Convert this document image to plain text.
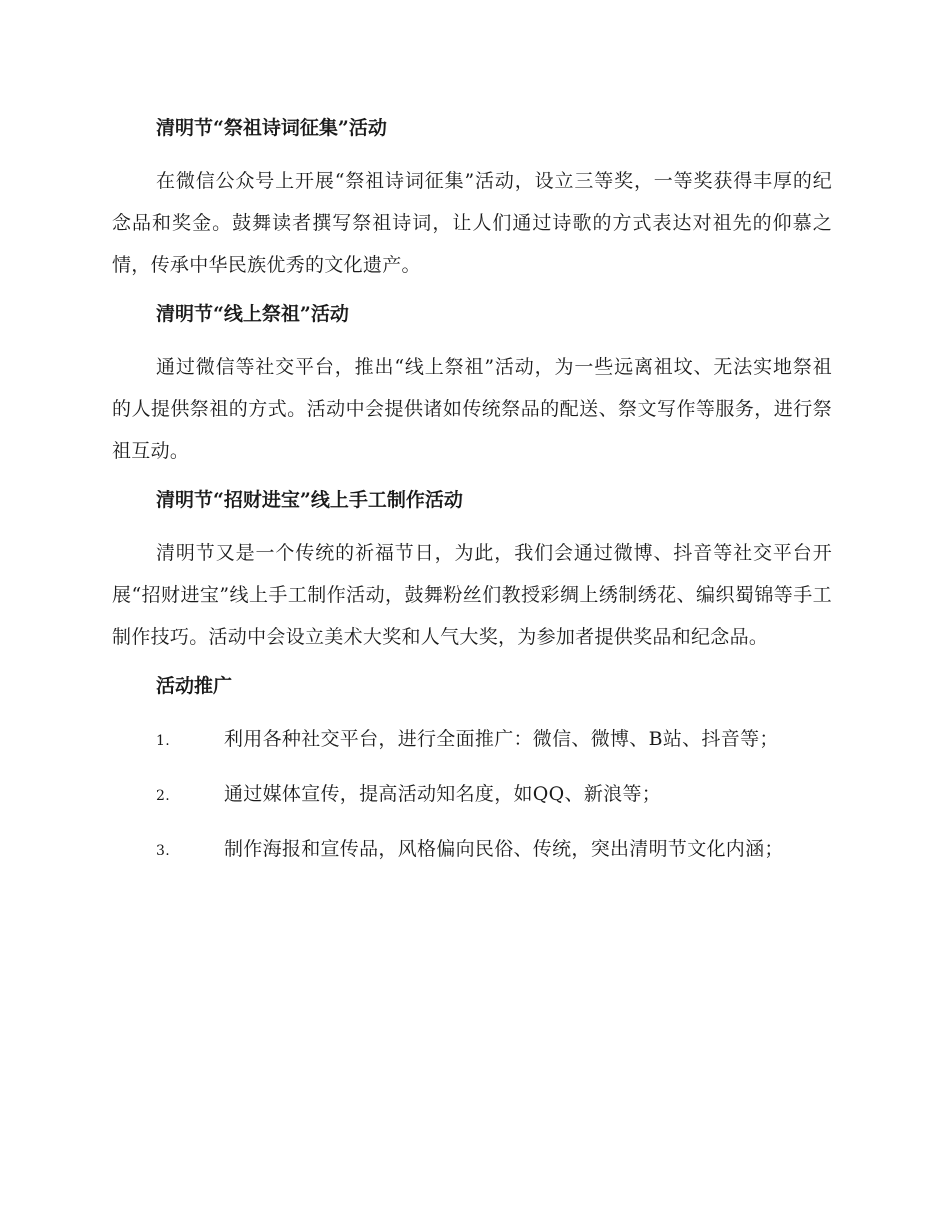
清明节“祭祖诗词征集”活动

在微信公众号上开展“祭祖诗词征集”活动，设立三等奖，一等奖获得丰厚的纪念品和奖金。鼓舞读者撰写祭祖诗词，让人们通过诗歌的方式表达对祖先的仰慕之情，传承中华民族优秀的文化遗产。

清明节“线上祭祖”活动

通过微信等社交平台，推出“线上祭祖”活动，为一些远离祖坟、无法实地祭祖的人提供祭祖的方式。活动中会提供诸如传统祭品的配送、祭文写作等服务，进行祭祖互动。

清明节“招财进宝”线上手工制作活动

清明节又是一个传统的祈福节日，为此，我们会通过微博、抖音等社交平台开展“招财进宝”线上手工制作活动，鼓舞粉丝们教授彩绸上绣制绣花、编织蜀锦等手工制作技巧。活动中会设立美术大奖和人气大奖，为参加者提供奖品和纪念品。

活动推广

1.	利用各种社交平台，进行全面推广：微信、微博、B站、抖音等；

2.	通过媒体宣传，提高活动知名度，如QQ、新浪等；

3.	制作海报和宣传品，风格偏向民俗、传统，突出清明节文化内涵；
